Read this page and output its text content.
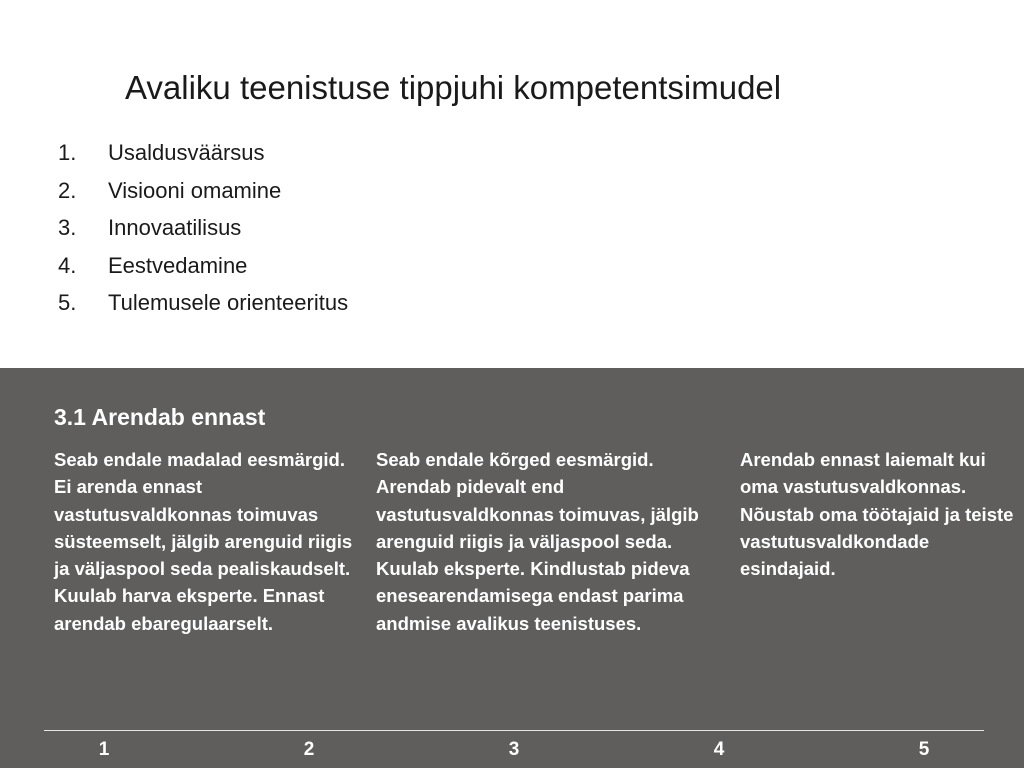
Avaliku teenistuse tippjuhi kompetentsimudel
1. Usaldusväärsus
2. Visiooni omamine
3. Innovaatilisus
4. Eestvedamine
5. Tulemusele orienteeritus
3.1 Arendab ennast
Seab endale madalad eesmärgid. Ei arenda ennast vastutusvaldkonnas toimuvas süsteemselt, jälgib arenguid riigis ja väljaspool seda pealiskaudselt. Kuulab harva eksperte. Ennast arendab ebaregulaarselt.
Seab endale kõrged eesmärgid. Arendab pidevalt end vastutusvaldkonnas toimuvas, jälgib arenguid riigis ja väljaspool seda. Kuulab eksperte. Kindlustab pideva enesearendamisega endast parima andmise avalikus teenistuses.
Arendab ennast laiemalt kui oma vastutusvaldkonnas. Nõustab oma töötajaid ja teiste vastutusvaldkondade esindajaid.
1	2	3	4	5
